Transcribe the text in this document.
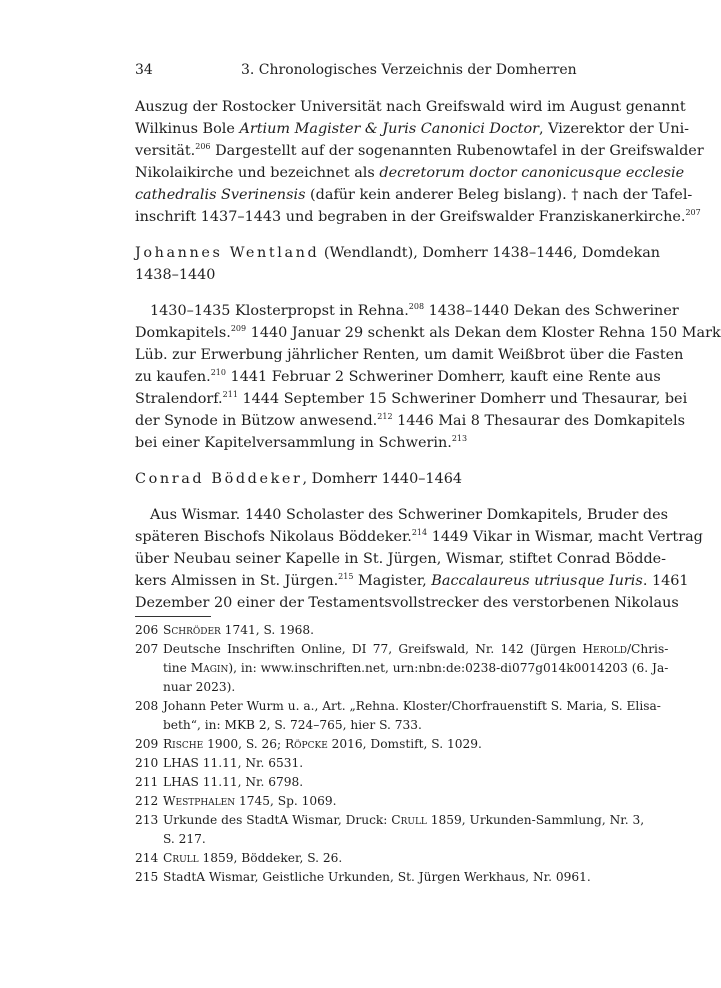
34	3. Chronologisches Verzeichnis der Domherren
Auszug der Rostocker Universität nach Greifswald wird im August genannt
Wilkinus Bole Artium Magister & Juris Canonici Doctor, Vizerektor der Uni-
versität.$^{206}$ Dargestellt auf der sogenannten Rubenowtafel in der Greifswalder
Nikolaikirche und bezeichnet als decretorum doctor canonicusque ecclesie
cathedralis Sverinensis (dafür kein anderer Beleg bislang). † nach der Tafel-
inschrift 1437–1443 und begraben in der Greifswalder Franziskanerkirche.$^{207}$
Johannes Wentland (Wendlandt), Domherr 1438–1446, Domdekan
1438–1440
1430–1435 Klosterpropst in Rehna.$^{208}$ 1438–1440 Dekan des Schweriner
Domkapitels.$^{209}$ 1440 Januar 29 schenkt als Dekan dem Kloster Rehna 150 Mark
Lüb. zur Erwerbung jährlicher Renten, um damit Weißbrot über die Fasten
zu kaufen.$^{210}$ 1441 Februar 2 Schweriner Domherr, kauft eine Rente aus
Stralendorf.$^{211}$ 1444 September 15 Schweriner Domherr und Thesaurar, bei
der Synode in Bützow anwesend.$^{212}$ 1446 Mai 8 Thesaurar des Domkapitels
bei einer Kapitelversammlung in Schwerin.$^{213}$
Conrad Böddeker, Domherr 1440–1464
Aus Wismar. 1440 Scholaster des Schweriner Domkapitels, Bruder des
späteren Bischofs Nikolaus Böddeker.$^{214}$ 1449 Vikar in Wismar, macht Vertrag
über Neubau seiner Kapelle in St. Jürgen, Wismar, stiftet Conrad Bödde-
kers Almissen in St. Jürgen.$^{215}$ Magister, Baccalaureus utriusque Iuris. 1461
Dezember 20 einer der Testamentsvollstrecker des verstorbenen Nikolaus
206 Schröder 1741, S. 1968.
207 Deutsche Inschriften Online, DI 77, Greifswald, Nr. 142 (Jürgen Herold/Chris-
tine Magin), in: www.inschriften.net, urn:nbn:de:0238-di077g014k0014203 (6. Ja-
nuar 2023).
208 Johann Peter Wurm u. a., Art. „Rehna. Kloster/Chorfrauenstift S. Maria, S. Elisa-
beth“, in: MKB 2, S. 724–765, hier S. 733.
209 Rische 1900, S. 26; Röpcke 2016, Domstift, S. 1029.
210 LHAS 11.11, Nr. 6531.
211 LHAS 11.11, Nr. 6798.
212 Westphalen 1745, Sp. 1069.
213 Urkunde des StadtA Wismar, Druck: Crull 1859, Urkunden-Sammlung, Nr. 3,
S. 217.
214 Crull 1859, Böddeker, S. 26.
215 StadtA Wismar, Geistliche Urkunden, St. Jürgen Werkhaus, Nr. 0961.
